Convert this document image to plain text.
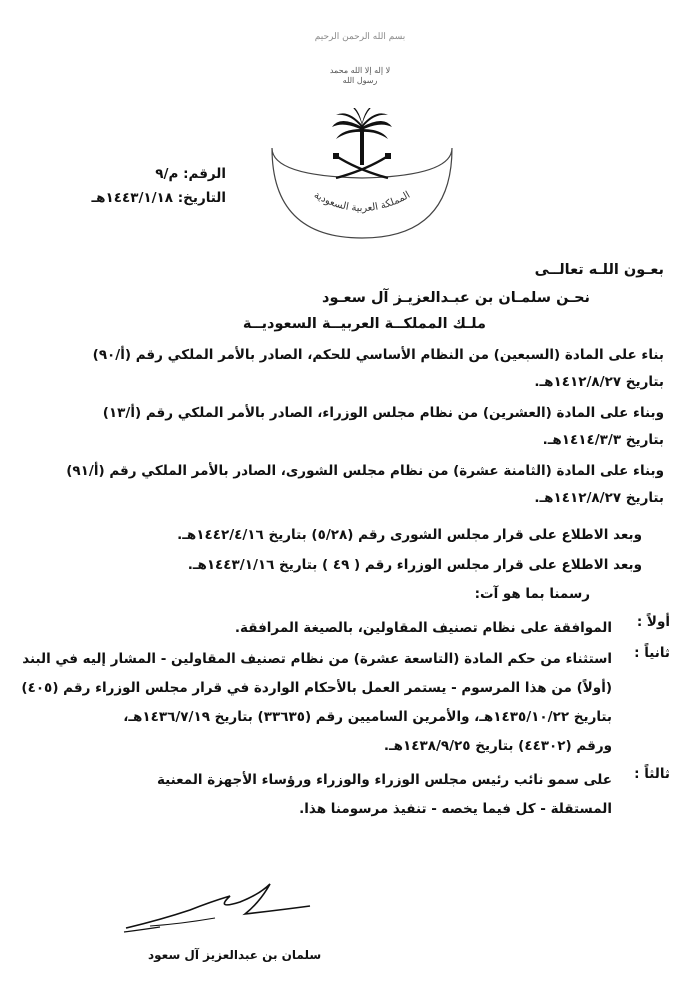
بسم الله الرحمن الرحيم
لا إله إلا الله محمد رسول الله
المملكة العربية السعودية
الرقم: م/٩
التاريخ: ١٤٤٣/١/١٨هـ
بعـون اللـه تعالــى
نحـن سلمـان بن عبـدالعزيـز آل سعـود
ملـك المملكــة العربيــة السعوديــة
بناء على المادة (السبعين) من النظام الأساسي للحكم، الصادر بالأمر الملكي رقم (أ/٩٠)
بتاريخ ١٤١٢/٨/٢٧هـ.
وبناء على المادة (العشرين) من نظام مجلس الوزراء، الصادر بالأمر الملكي رقم (أ/١٣)
بتاريخ ١٤١٤/٣/٣هـ.
وبناء على المادة (الثامنة عشرة) من نظام مجلس الشورى، الصادر بالأمر الملكي رقم (أ/٩١)
بتاريخ ١٤١٢/٨/٢٧هـ.
وبعد الاطلاع على قرار مجلس الشورى رقم (٥/٢٨) بتاريخ ١٤٤٢/٤/١٦هـ.
وبعد الاطلاع على قرار مجلس الوزراء رقم ( ٤٩ ) بتاريخ ١٤٤٣/١/١٦هـ.
رسمنا بما هو آت:
أولاً :
الموافقة على نظام تصنيف المقاولين، بالصيغة المرافقة.
ثانياً :
استثناء من حكم المادة (التاسعة عشرة) من نظام تصنيف المقاولين - المشار إليه في البند
(أولاً) من هذا المرسوم - يستمر العمل بالأحكام الواردة في قرار مجلس الوزراء رقم (٤٠٥)
بتاريخ ١٤٣٥/١٠/٢٢هـ، والأمرين الساميين رقم (٣٣٦٣٥) بتاريخ ١٤٣٦/٧/١٩هـ،
ورقم (٤٤٣٠٢) بتاريخ ١٤٣٨/٩/٢٥هـ.
ثالثاً :
على سمو نائب رئيس مجلس الوزراء والوزراء ورؤساء الأجهزة المعنية
المستقلة - كل فيما يخصه - تنفيذ مرسومنا هذا.
سلمان بن عبدالعزيز آل سعود
